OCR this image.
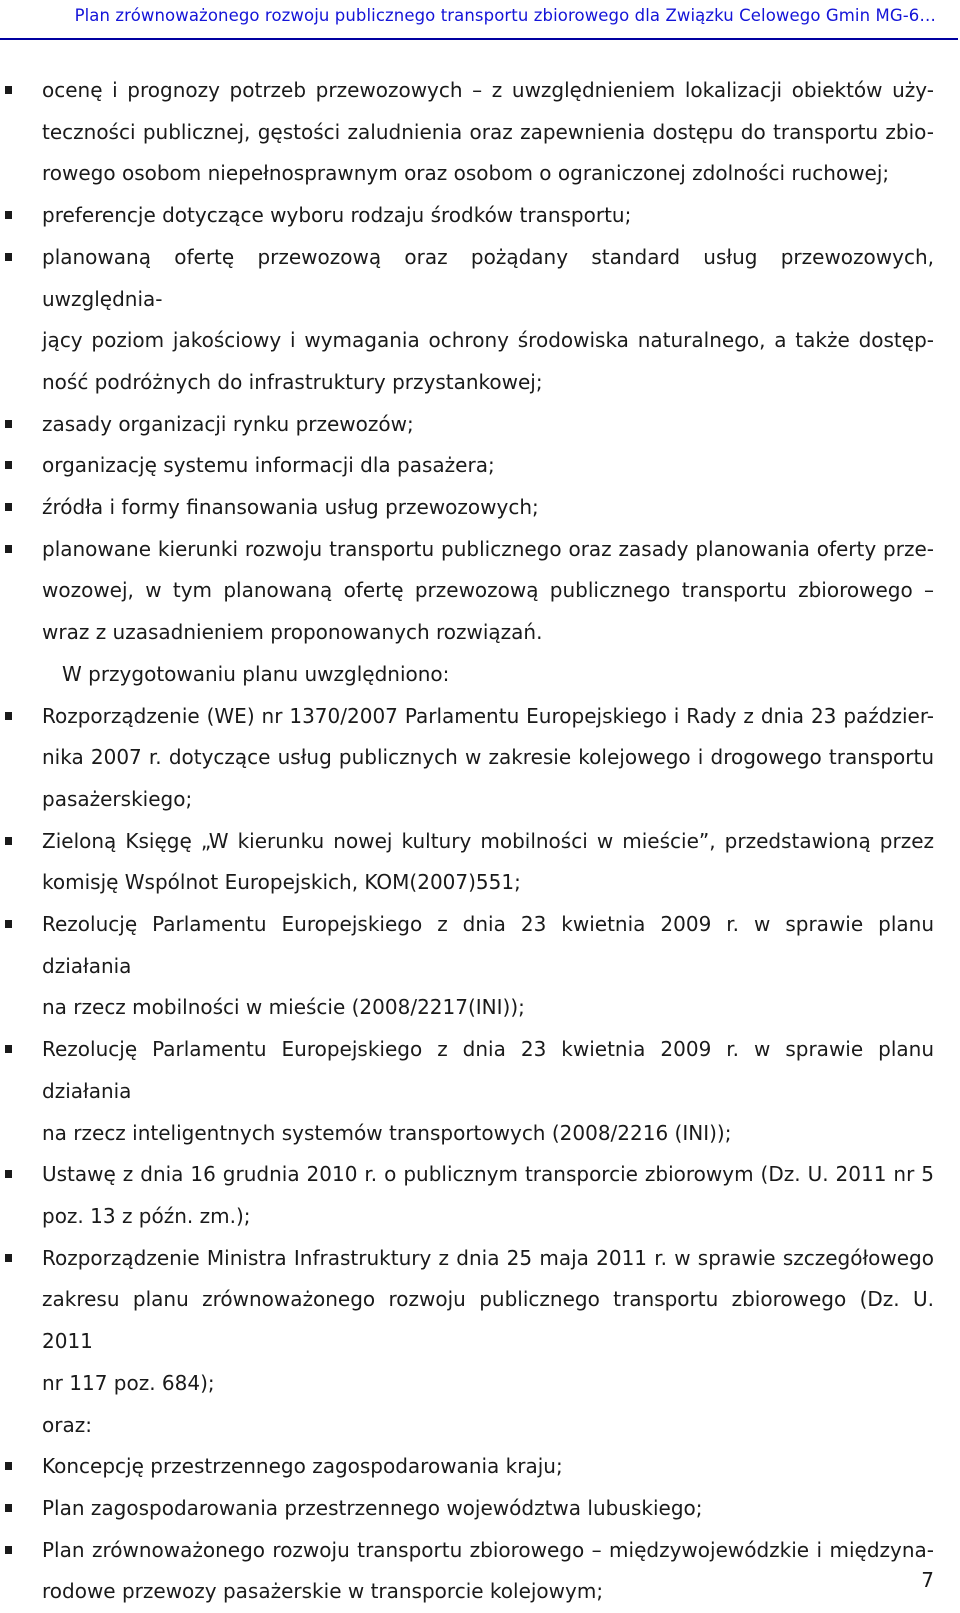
Plan zrównoważonego rozwoju publicznego transportu zbiorowego dla Związku Celowego Gmin MG-6…
ocenę i prognozy potrzeb przewozowych – z uwzględnieniem lokalizacji obiektów uży-
teczności publicznej, gęstości zaludnienia oraz zapewnienia dostępu do transportu zbio-
rowego osobom niepełnosprawnym oraz osobom o ograniczonej zdolności ruchowej;
preferencje dotyczące wyboru rodzaju środków transportu;
planowaną ofertę przewozową oraz pożądany standard usług przewozowych, uwzględnia-
jący poziom jakościowy i wymagania ochrony środowiska naturalnego, a także dostęp-
ność podróżnych do infrastruktury przystankowej;
zasady organizacji rynku przewozów;
organizację systemu informacji dla pasażera;
źródła i formy finansowania usług przewozowych;
planowane kierunki rozwoju transportu publicznego oraz zasady planowania oferty prze-
wozowej, w tym planowaną ofertę przewozową publicznego transportu zbiorowego –
wraz z uzasadnieniem proponowanych rozwiązań.
W przygotowaniu planu uwzględniono:
Rozporządzenie (WE) nr 1370/2007 Parlamentu Europejskiego i Rady z dnia 23 paździer-
nika 2007 r. dotyczące usług publicznych w zakresie kolejowego i drogowego transportu
pasażerskiego;
Zieloną Księgę „W kierunku nowej kultury mobilności w mieście”, przedstawioną przez
komisję Wspólnot Europejskich, KOM(2007)551;
Rezolucję Parlamentu Europejskiego z dnia 23 kwietnia 2009 r. w sprawie planu działania
na rzecz mobilności w mieście (2008/2217(INI));
Rezolucję Parlamentu Europejskiego z dnia 23 kwietnia 2009 r. w sprawie planu działania
na rzecz inteligentnych systemów transportowych (2008/2216 (INI));
Ustawę z dnia 16 grudnia 2010 r. o publicznym transporcie zbiorowym (Dz. U. 2011 nr 5
poz. 13 z późn. zm.);
Rozporządzenie Ministra Infrastruktury z dnia 25 maja 2011 r. w sprawie szczegółowego
zakresu planu zrównoważonego rozwoju publicznego transportu zbiorowego (Dz. U. 2011
nr 117 poz. 684);
oraz:
Koncepcję przestrzennego zagospodarowania kraju;
Plan zagospodarowania przestrzennego województwa lubuskiego;
Plan zrównoważonego rozwoju transportu zbiorowego – międzywojewódzkie i międzyna-
rodowe przewozy pasażerskie w transporcie kolejowym;	7
